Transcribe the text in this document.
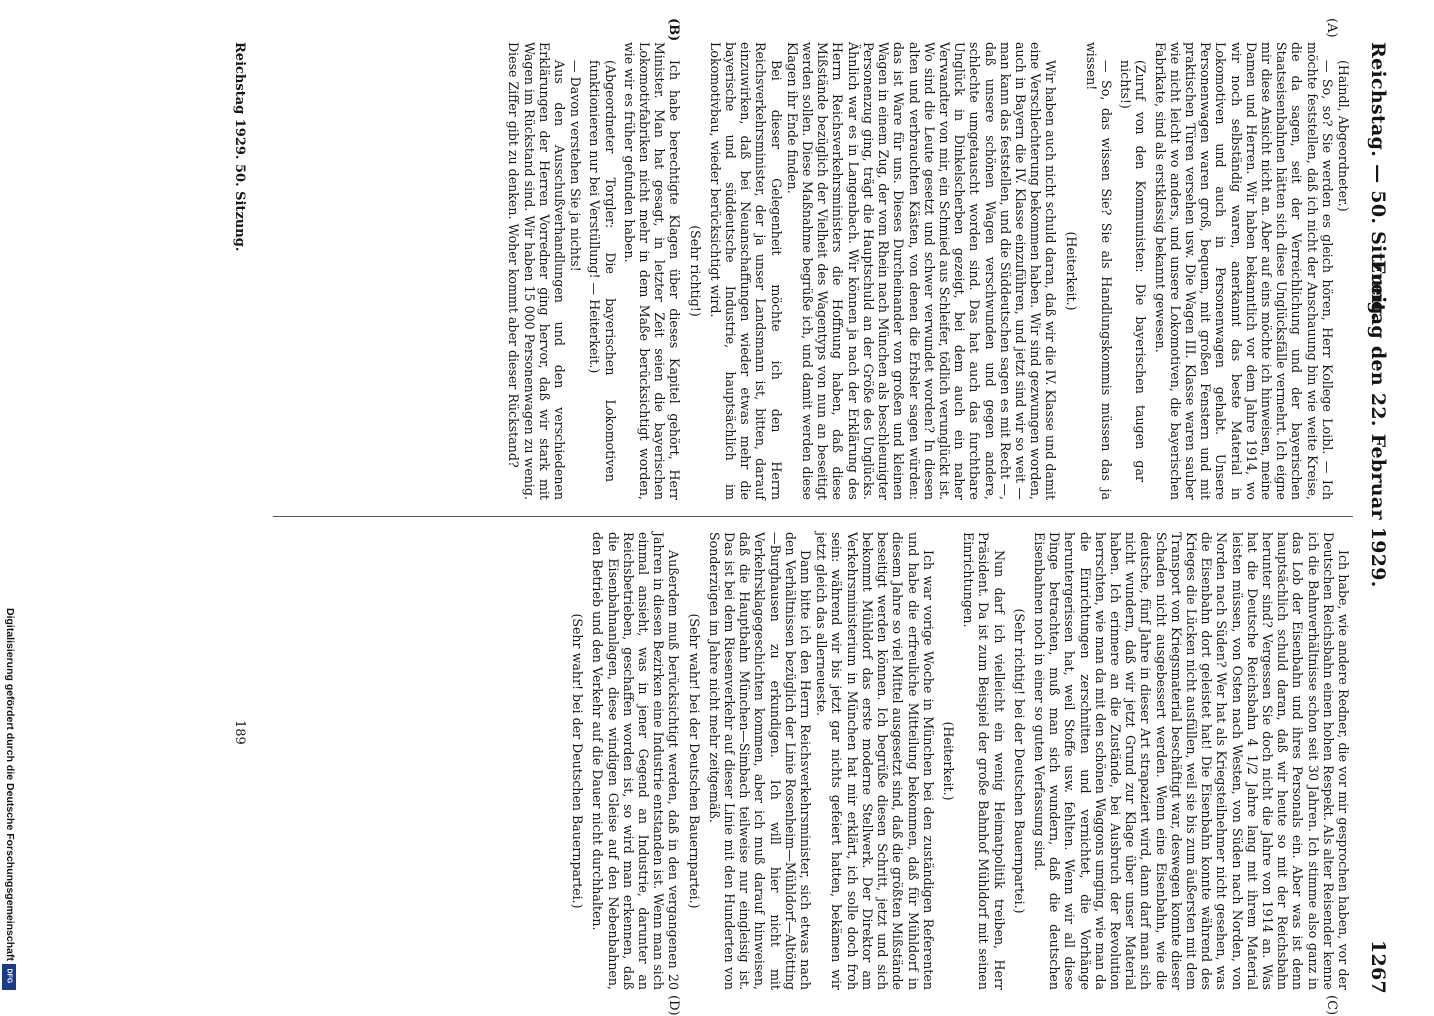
Reichstag. — 50. Sitzung.
Freitag den 22. Februar 1929.
1267
(A)
(B)
(C)
(D)

(Haindl, Abgeordneter.)

— So, so? Sie werden es gleich hören, Herr Kollege Loibl. — Ich möchte feststellen, daß ich nicht der Anschauung bin wie weite Kreise, die da sagen, seit der Verreichlichung und der bayerischen Staatseisenbahnen hätten sich diese Unglücksfälle vermehrt. Ich eigne mir diese Ansicht nicht an. Aber auf eins möchte ich hinweisen, meine Damen und Herren. Wir haben bekanntlich vor dem Jahre 1914, wo wir noch selbständig waren, anerkannt das beste Material in Lokomotiven und auch in Personenwagen gehabt. Unsere Personenwagen waren groß, bequem, mit großen Fenstern und mit praktischen Türen versehen usw. Die Wagen III. Klasse waren sauber wie nicht leicht wo anders, und unsere Lokomotiven, die bayerischen Fabrikate, sind als erstklassig bekannt gewesen.

(Zuruf von den Kommunisten: Die bayerischen taugen gar nichts!)

— So, das wissen Sie? Sie als Handlungskommis müssen das ja wissen!

(Heiterkeit.)

Wir haben auch nicht schuld daran, daß wir die IV. Klasse und damit eine Verschlechterung bekommen haben. Wir sind gezwungen worden, auch in Bayern die IV. Klasse einzuführen, und jetzt sind wir so weit — man kann das feststellen, und die Süddeutschen sagen es mit Recht —, daß unsere schönen Wagen verschwunden und gegen andere, schlechte umgetauscht worden sind. Das hat auch das furchtbare Unglück in Dinkelscherben gezeigt, bei dem auch ein naher Verwandter von mir, ein Schmied aus Schleifer, tödlich verunglückt ist. Wo sind die Leute gesetzt und schwer verwundet worden? In diesen alten und verbrauchten Kästen, von denen die Erbsler sagen würden: das ist Ware für uns. Dieses Durcheinander von großen und kleinen Wagen in einem Zug, der vom Rhein nach München als beschleunigter Personenzug ging, trägt die Hauptschuld an der Größe des Unglücks. Ähnlich war es in Langenbach. Wir können ja nach der Erklärung des Herrn Reichsverkehrsministers die Hoffnung haben, daß diese Mißstände bezüglich der Vielheit des Wagentyps von nun an beseitigt werden sollen. Diese Maßnahme begrüße ich, und damit werden diese Klagen ihr Ende finden.

Bei dieser Gelegenheit möchte ich den Herrn Reichsverkehrsminister, der ja unser Landsmann ist, bitten, darauf einzuwirken, daß bei Neuanschaffungen wieder etwas mehr die bayerische und süddeutsche Industrie, hauptsächlich im Lokomotivbau, wieder berücksichtigt wird.

(Sehr richtig!)

Ich habe berechtigte Klagen über dieses Kapitel gehört, Herr Minister. Man hat gesagt, in letzter Zeit seien die bayerischen Lokomotivfabriken nicht mehr in dem Maße berücksichtigt worden, wie wir es früher gefunden haben.

(Abgeordneter Torgler: Die bayerischen Lokomotiven funktionieren nur bei Verstüllung! — Heiterkeit.)

— Davon verstehen Sie ja nichts!

Aus den Ausschußverhandlungen und den verschiedenen Erklärungen der Herren Vorredner ging hervor, daß wir stark mit Wagen im Rückstand sind. Wir haben 15 000 Personenwagen zu wenig. Diese Ziffer gibt zu denken. Woher kommt aber dieser Rückstand?

Ich habe, wie andere Redner, die vor mir gesprochen haben, vor der Deutschen Reichsbahn einen hohen Respekt. Als alter Reisender kenne ich die Bahnverhältnisse schon seit 30 Jahren. Ich stimme also ganz in das Lob der Eisenbahn und ihres Personals ein. Aber was ist denn hauptsächlich schuld daran, daß wir heute so mit der Reichsbahn herunter sind? Vergessen Sie doch nicht die Jahre von 1914 an. Was hat die Deutsche Reichsbahn 4 1/2 Jahre lang mit ihrem Material leisten müssen, von Osten nach Westen, von Süden nach Norden, von Norden nach Süden? Wer hat als Kriegsteilnehmer nicht gesehen, was die Eisenbahn dort geleistet hat! Die Eisenbahn konnte während des Krieges die Lücken nicht ausfüllen, weil sie bis zum äußersten mit dem Transport von Kriegsmaterial beschäftigt war, deswegen konnte dieser Schaden nicht ausgebessert werden. Wenn eine Eisenbahn, wie die deutsche, fünf Jahre in dieser Art strapaziert wird, dann darf man sich nicht wundern, daß wir jetzt Grund zur Klage über unser Material haben. Ich erinnere an die Zustände, bei Ausbruch der Revolution herrschten, wie man da mit den schönen Waggons umging, wie man da die Einrichtungen zerschnitten und vernichtet, die Vorhänge heruntergerissen hat, weil Stoffe usw. fehlten. Wenn wir all diese Dinge betrachten, muß man sich wundern, daß die deutschen Eisenbahnen noch in einer so guten Verfassung sind.

(Sehr richtig! bei der Deutschen Bauernpartei.)

Nun darf ich vielleicht ein wenig Heimatpolitik treiben, Herr Präsident. Da ist zum Beispiel der große Bahnhof Mühldorf mit seinen Einrichtungen.

(Heiterkeit.)

Ich war vorige Woche in München bei den zuständigen Referenten und habe die erfreuliche Mitteilung bekommen, daß für Mühldorf in diesem Jahre so viel Mittel ausgesetzt sind, daß die größten Mißstände beseitigt werden können. Ich begrüße diesen Schritt, jetzt und sich bekommt Mühldorf das erste moderne Stellwerk. Der Direktor am Verkehrsministerium in München hat mir erklärt, ich solle doch froh sein: während wir bis jetzt gar nichts gefeiert hatten, bekämen wir jetzt gleich das allerneueste.

Dann bitte ich den Herrn Reichsverkehrsminister, sich etwas nach den Verhältnissen bezüglich der Linie Rosenheim—Mühldorf—Altötting—Burghausen zu erkundigen. Ich will hier nicht mit Verkehrsklagegeschichten kommen, aber ich muß darauf hinweisen, daß die Hauptbahn München—Simbach teilweise nur eingleisig ist. Das ist bei dem Riesenverkehr auf dieser Linie mit den Hunderten von Sonderzügen im Jahre nicht mehr zeitgemäß.

(Sehr wahr! bei der Deutschen Bauernpartei.)

Außerdem muß berücksichtigt werden, daß in den vergangenen 20 Jahren in diesen Bezirken eine Industrie entstanden ist. Wenn man sich einmal ansieht, was in jener Gegend an Industrie, darunter an Reichsbetrieben, geschaffen worden ist, so wird man erkennen, daß die Eisenbahnanlagen, diese windigen Gleise auf den Nebenbahnen, den Betrieb und den Verkehr auf die Dauer nicht durchhalten.

(Sehr wahr! bei der Deutschen Bauernpartei.)

Reichstag 1929. 50. Sitzung.
189
Digitalisierung gefördert durch die Deutsche Forschungsgemeinschaft
DFG
